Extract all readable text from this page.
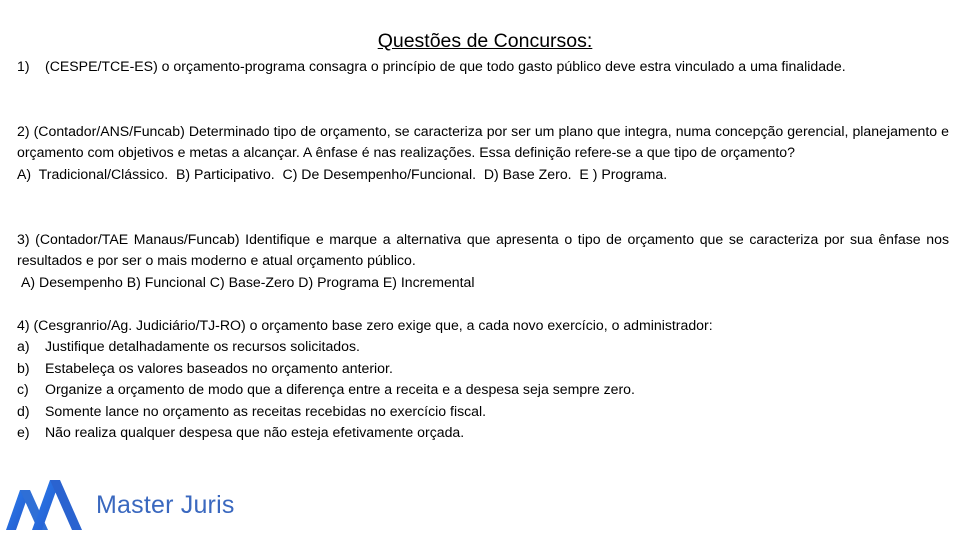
Questões de Concursos:
1)	(CESPE/TCE-ES) o orçamento-programa consagra o princípio de que todo gasto público deve estra vinculado a uma finalidade.
2) (Contador/ANS/Funcab) Determinado tipo de orçamento, se caracteriza por ser um plano que integra, numa concepção gerencial, planejamento e orçamento com objetivos e metas a alcançar. A ênfase é nas realizações. Essa definição refere-se a que tipo de orçamento?
A)  Tradicional/Clássico.  B) Participativo.  C) De Desempenho/Funcional.  D) Base Zero.  E ) Programa.
3) (Contador/TAE Manaus/Funcab) Identifique e marque a alternativa que apresenta o tipo de orçamento que se caracteriza por sua ênfase nos resultados e por ser o mais moderno e atual orçamento público.
A) Desempenho B) Funcional C) Base-Zero D) Programa E) Incremental
4) (Cesgranrio/Ag. Judiciário/TJ-RO) o orçamento base zero exige que, a cada novo exercício, o administrador:
a)	Justifique detalhadamente os recursos solicitados.
b)	Estabeleça os valores baseados no orçamento anterior.
c)	Organize a orçamento de modo que a diferença entre a receita e a despesa seja sempre zero.
d)	Somente lance no orçamento as receitas recebidas no exercício fiscal.
e)	Não realiza qualquer despesa que não esteja efetivamente orçada.
Master Juris
